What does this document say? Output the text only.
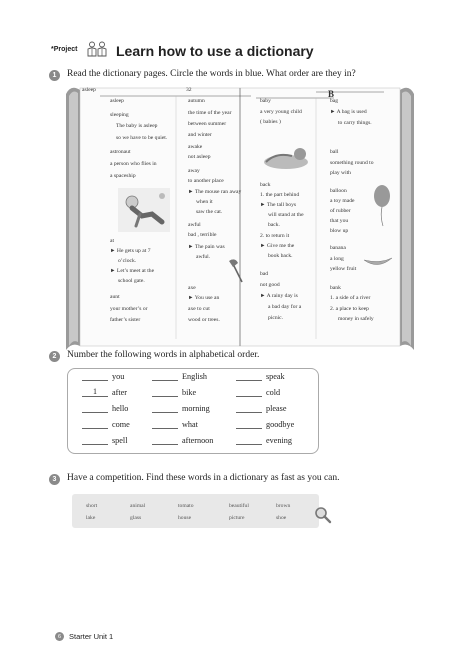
*Project	Learn how to use a dictionary
1	Read the dictionary pages. Circle the words in blue. What order are they in?
asleep	32	B
asleep
sleeping
The baby is asleep
so we have to be quiet.
astronaut
a person who flies in
a spaceship
at
► He gets up at 7
o’clock.
► Let’s meet at the
school gate.
aunt
your mother’s or
father’s sister
autumn
the time of the year
between summer
and winter
awake
not asleep
away
to another place
► The mouse ran away
when it
saw the cat.
awful
bad , terrible
► The pain was
awful.
axe
► You use an
axe to cut
wood or trees.
baby
a very young child
( babies )
back
1. the part behind
► The tall boys
will stand at the
back.
2. to return it
► Give me the
book back.
bad
not good
► A rainy day is
a bad day for a
picnic.
bag
► A bag is used
to carry things.
ball
something round to
play with
balloon
a toy made
of rubber
that you
blow up
banana
a long
yellow fruit
bank
1. a side of a river
2. a place to keep
money in safely
2	Number the following words in alphabetical order.
you	English	speak
1 after	bike	cold
hello	morning	please
come	what	goodbye
spell	afternoon	evening
3	Have a competition. Find these words in a dictionary as fast as you can.
short	animal	tomato	beautiful	brown
lake	glass	house	picture	shoe
6	Starter Unit 1
